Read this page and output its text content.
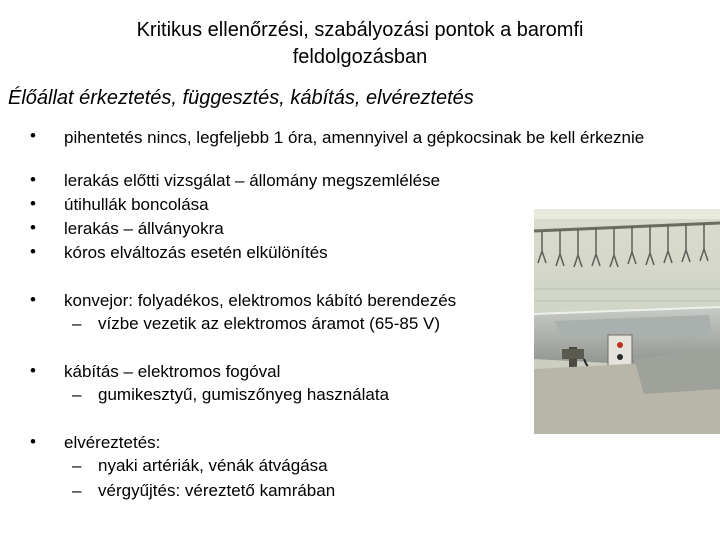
Kritikus ellenőrzési, szabályozási pontok a baromfi
feldolgozásban
Élőállat érkeztetés, függesztés, kábítás, elvéreztetés
• pihentetés nincs, legfeljebb 1 óra, amennyivel a gépkocsinak be kell érkeznie
• lerakás előtti vizsgálat – állomány megszemlélése
• útihullák boncolása
• lerakás – állványokra
• kóros elváltozás esetén elkülönítés
• konvejor: folyadékos, elektromos kábító berendezés
– vízbe vezetik az elektromos áramot (65-85 V)
• kábítás – elektromos fogóval
– gumikesztyű, gumiszőnyeg használata
• elvéreztetés:
– nyaki artériák, vénák átvágása
– vérgyűjtés: véreztető kamrában
